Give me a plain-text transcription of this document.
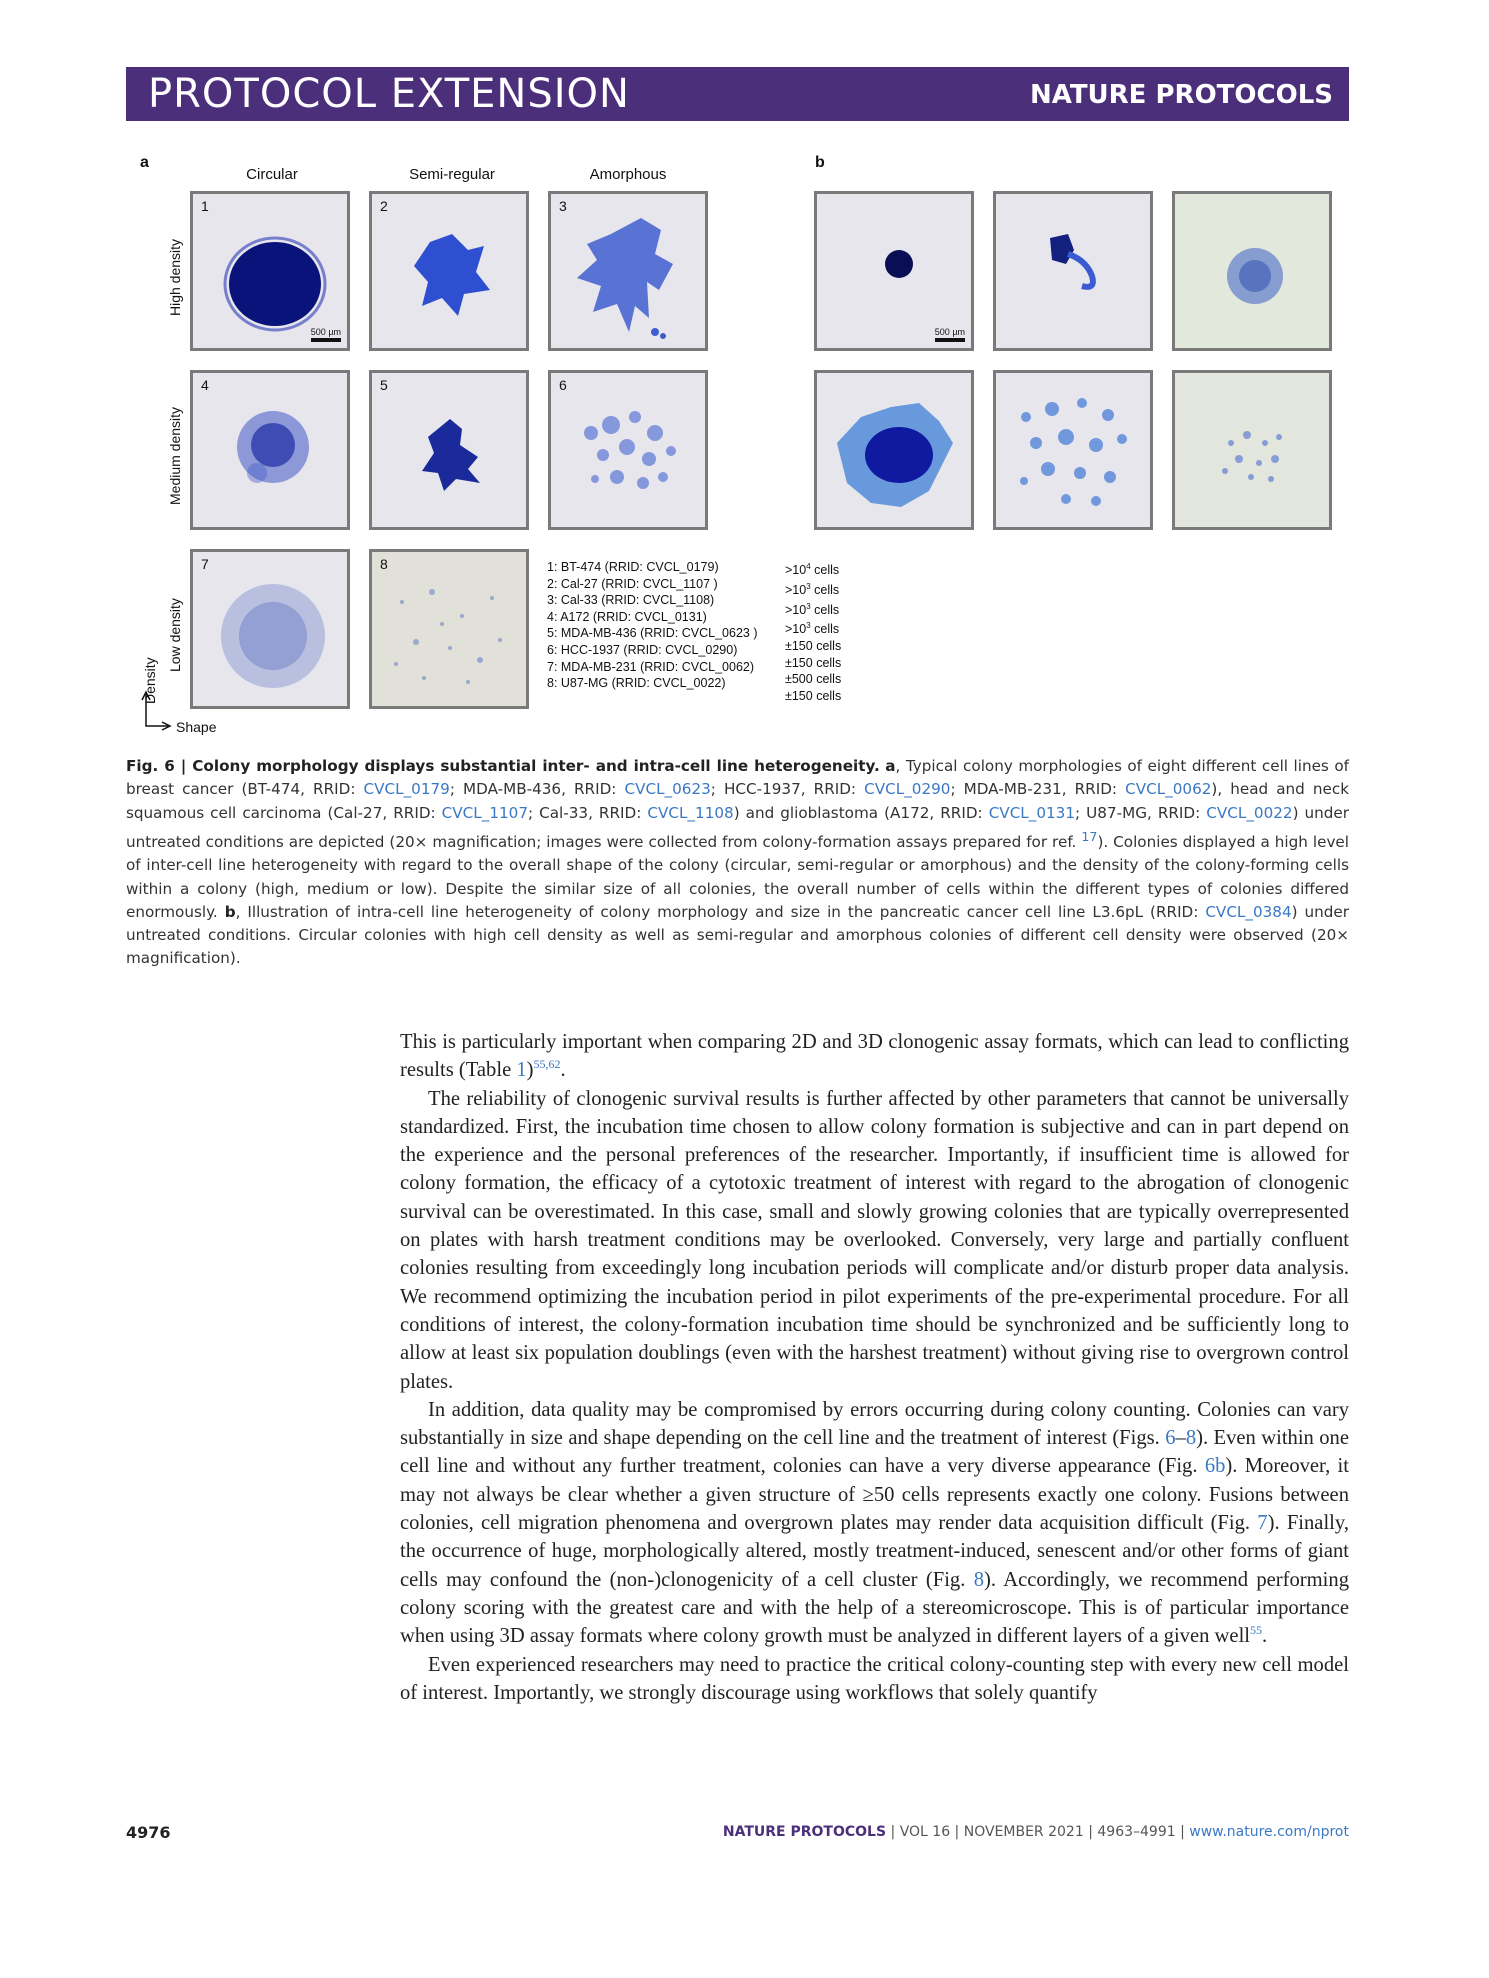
PROTOCOL EXTENSION	NATURE PROTOCOLS
a	b
Circular	Semi-regular	Amorphous
High density
Medium density
Low density
1
500 µm
2	3
4	5	6
7	8	1: BT-474 (RRID: CVCL_0179)
2: Cal-27 (RRID: CVCL_1107 )
3: Cal-33 (RRID: CVCL_1108)
4: A172 (RRID: CVCL_0131)
5: MDA-MB-436 (RRID: CVCL_0623 )
6: HCC-1937 (RRID: CVCL_0290)
7: MDA-MB-231 (RRID: CVCL_0062)
8: U87-MG (RRID: CVCL_0022)
$>10^4$ cells
$>10^3$ cells
$>10^3$ cells
$>10^3$ cells
±150 cells
±150 cells
±500 cells
±150 cells
Density
Shape
500 µm
Fig. 6 | Colony morphology displays substantial inter- and intra-cell line heterogeneity. a, Typical colony morphologies of eight different cell lines of breast cancer (BT-474, RRID: CVCL_0179; MDA-MB-436, RRID: CVCL_0623; HCC-1937, RRID: CVCL_0290; MDA-MB-231, RRID: CVCL_0062), head and neck squamous cell carcinoma (Cal-27, RRID: CVCL_1107; Cal-33, RRID: CVCL_1108) and glioblastoma (A172, RRID: CVCL_0131; U87-MG, RRID: CVCL_0022) under untreated conditions are depicted (20× magnification; images were collected from colony-formation assays prepared for ref. $^{17}$). Colonies displayed a high level of inter-cell line heterogeneity with regard to the overall shape of the colony (circular, semi-regular or amorphous) and the density of the colony-forming cells within a colony (high, medium or low). Despite the similar size of all colonies, the overall number of cells within the different types of colonies differed enormously. b, Illustration of intra-cell line heterogeneity of colony morphology and size in the pancreatic cancer cell line L3.6pL (RRID: CVCL_0384) under untreated conditions. Circular colonies with high cell density as well as semi-regular and amorphous colonies of different cell density were observed (20× magnification).

This is particularly important when comparing 2D and 3D clonogenic assay formats, which can lead to conflicting results (Table 1)$^{55,62}$.

The reliability of clonogenic survival results is further affected by other parameters that cannot be universally standardized. First, the incubation time chosen to allow colony formation is subjective and can in part depend on the experience and the personal preferences of the researcher. Importantly, if insufficient time is allowed for colony formation, the efficacy of a cytotoxic treatment of interest with regard to the abrogation of clonogenic survival can be overestimated. In this case, small and slowly growing colonies that are typically overrepresented on plates with harsh treatment conditions may be overlooked. Conversely, very large and partially confluent colonies resulting from exceedingly long incubation periods will complicate and/or disturb proper data analysis. We recommend optimizing the incubation period in pilot experiments of the pre-experimental procedure. For all conditions of interest, the colony-formation incubation time should be synchronized and be sufficiently long to allow at least six population doublings (even with the harshest treatment) without giving rise to overgrown control plates.

In addition, data quality may be compromised by errors occurring during colony counting. Colonies can vary substantially in size and shape depending on the cell line and the treatment of interest (Figs. 6–8). Even within one cell line and without any further treatment, colonies can have a very diverse appearance (Fig. 6b). Moreover, it may not always be clear whether a given structure of ≥50 cells represents exactly one colony. Fusions between colonies, cell migration phenomena and overgrown plates may render data acquisition difficult (Fig. 7). Finally, the occurrence of huge, morphologically altered, mostly treatment-induced, senescent and/or other forms of giant cells may confound the (non-)clonogenicity of a cell cluster (Fig. 8). Accordingly, we recommend performing colony scoring with the greatest care and with the help of a stereomicroscope. This is of particular importance when using 3D assay formats where colony growth must be analyzed in different layers of a given well$^{55}$.

Even experienced researchers may need to practice the critical colony-counting step with every new cell model of interest. Importantly, we strongly discourage using workflows that solely quantify

4976	NATURE PROTOCOLS | VOL 16 | NOVEMBER 2021 | 4963–4991 | www.nature.com/nprot
